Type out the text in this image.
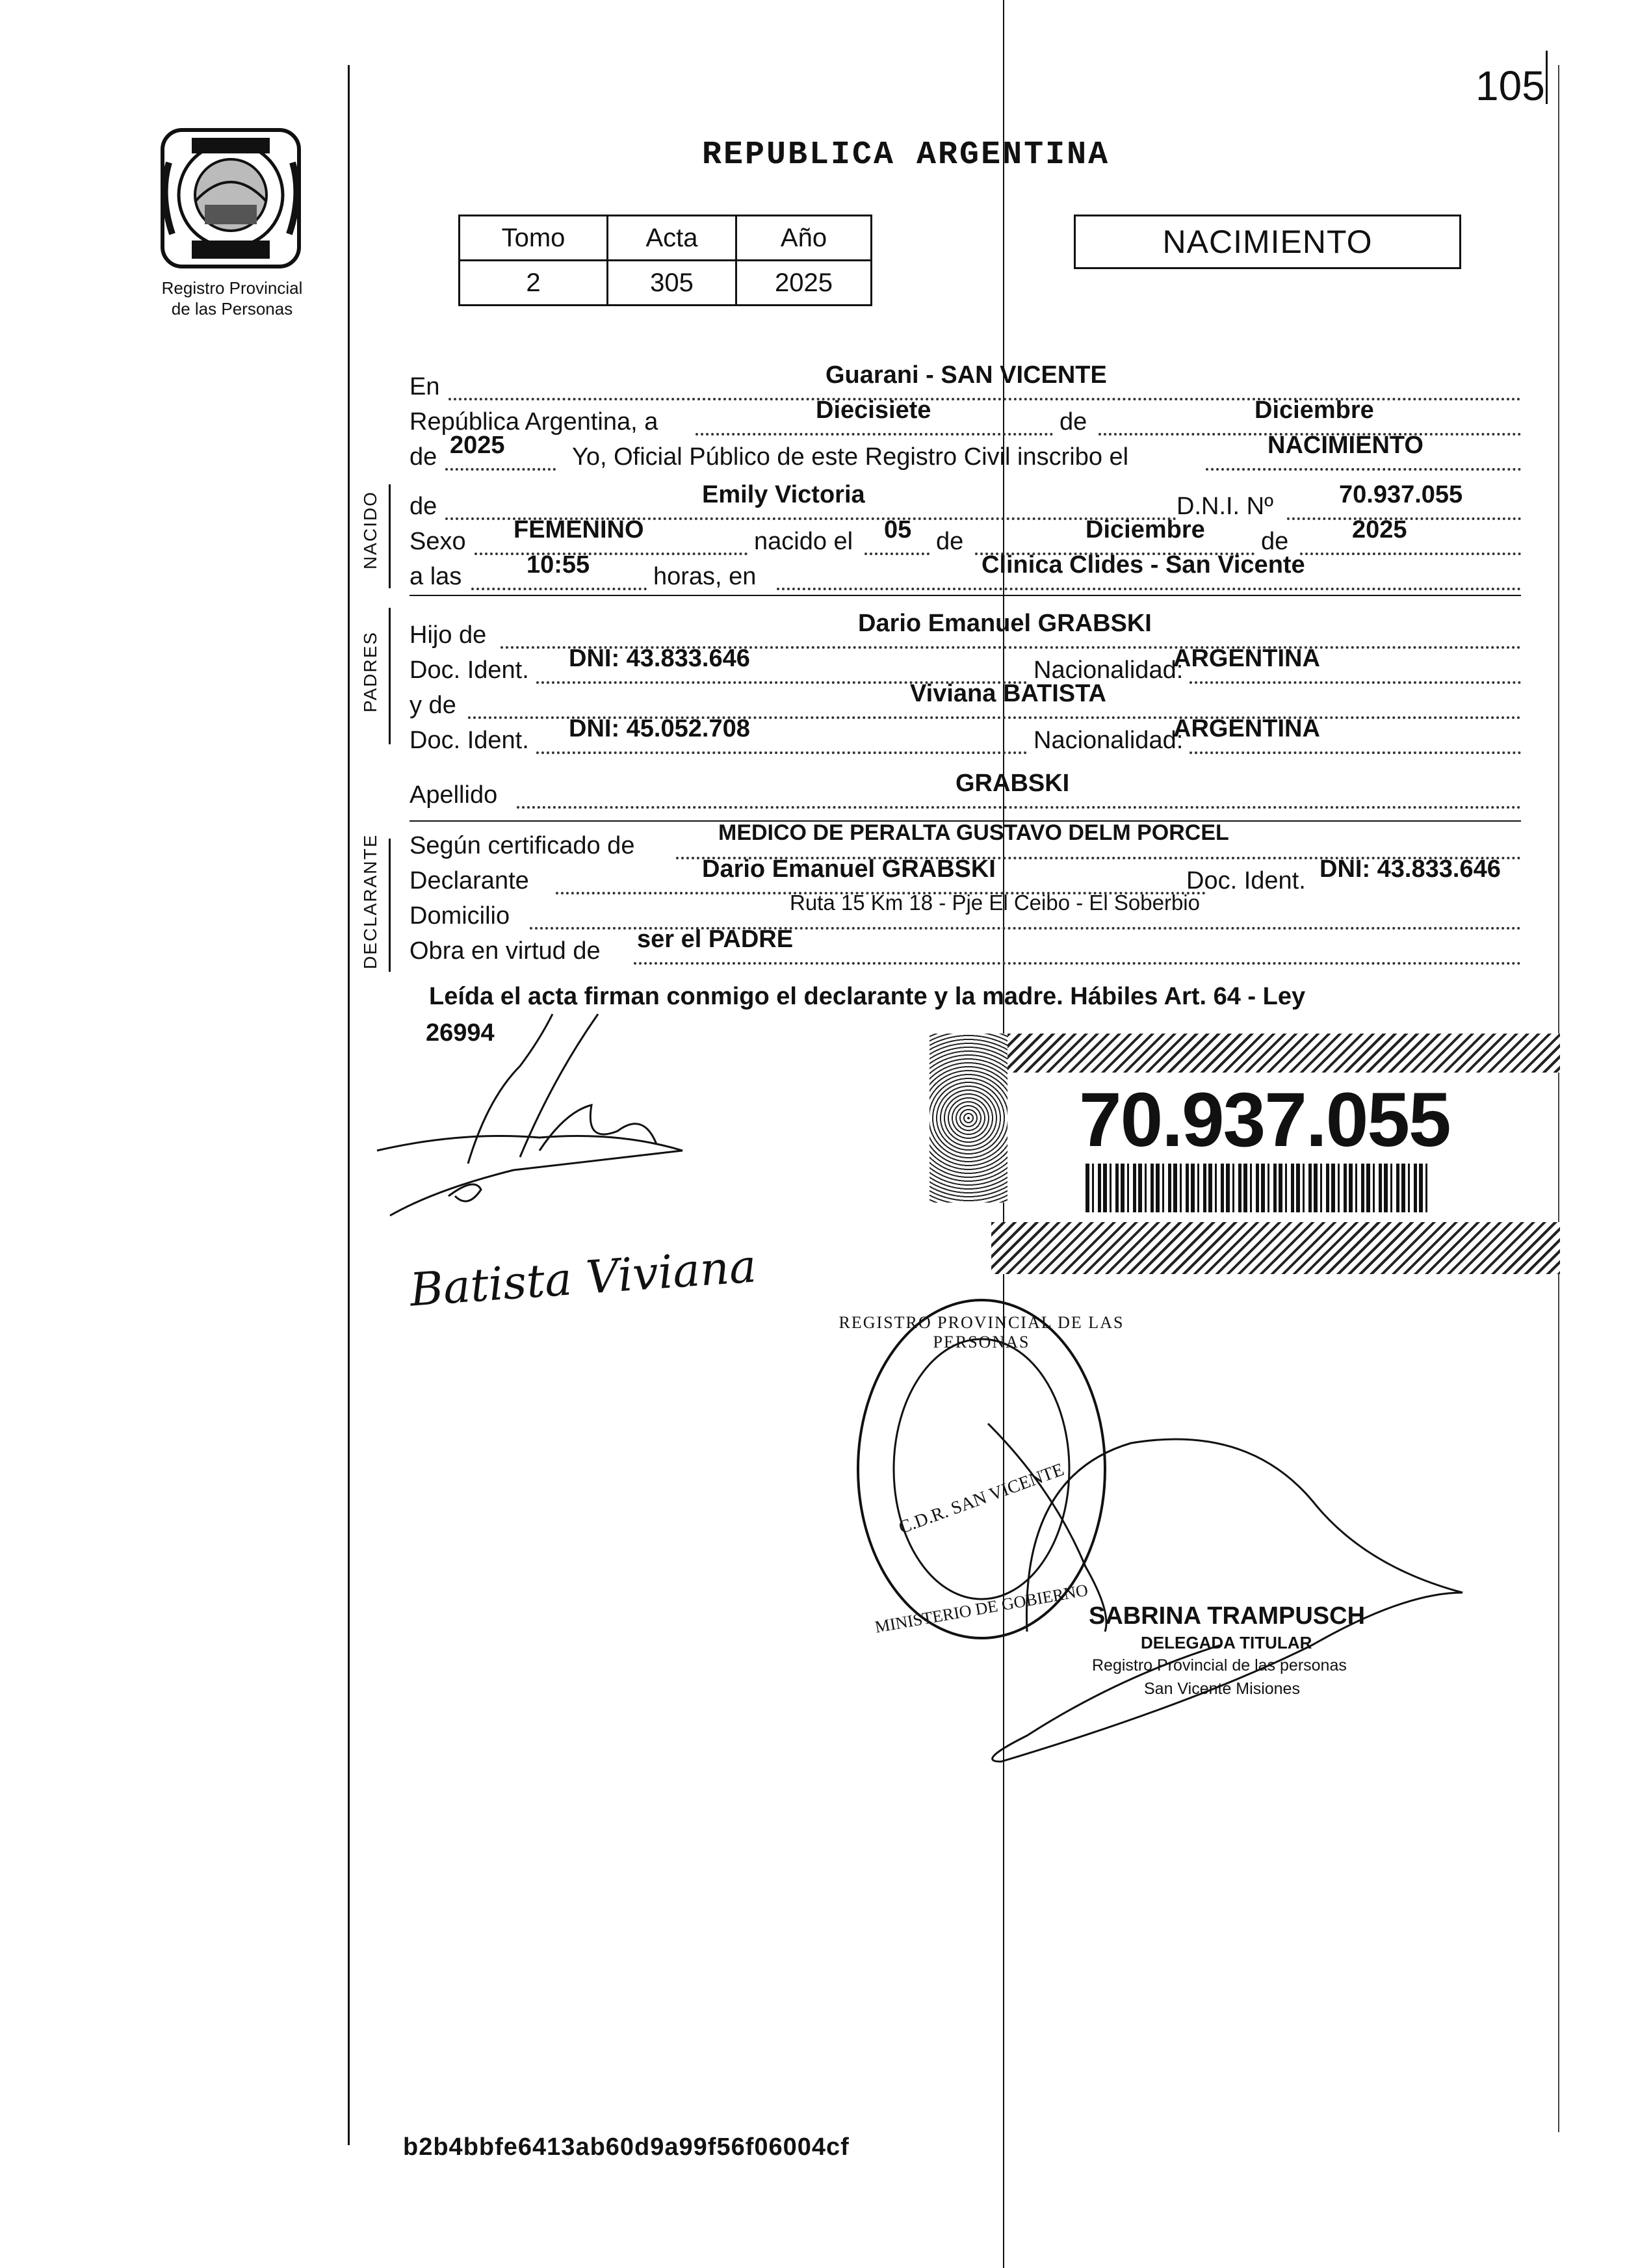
105
Registro Provincial
de las Personas
REPUBLICA ARGENTINA
Tomo	Acta	Año
2	305	2025
NACIMIENTO
En	Guarani - SAN VICENTE
República Argentina, a	Diecisiete	de	Diciembre
de 2025	Yo, Oficial Público de este Registro Civil inscribo el	NACIMIENTO
NACIDO de	Emily Victoria	D.N.I. Nº	70.937.055
Sexo FEMENINO	nacido el 05 de	Diciembre de	2025
a las	10:55	horas, en	Clinica Clides - San Vicente
PADRES Hijo de	Dario Emanuel GRABSKI
Doc. Ident. DNI: 43.833.646	Nacionalidad:
ARGENTINA
y de	Viviana BATISTA
Doc. Ident. DNI: 45.052.708	Nacionalidad:
ARGENTINA
Apellido	GRABSKI
DECLARANTE Según certificado de	MEDICO DE PERALTA GUSTAVO DELM PORCEL
Declarante	Dario Emanuel GRABSKI	Doc. Ident. DNI: 43.833.646
Domicilio	Ruta 15 Km 18 - Pje El Ceibo - El Soberbio
Obra en virtud de ser el PADRE
Leída el acta firman conmigo el declarante y la madre. Hábiles Art. 64 - Ley
26994
Batista Viviana
70.937.055
REGISTRO PROVINCIAL DE LAS PERSONAS
C.D.R. SAN VICENTE
MINISTERIO DE GOBIERNO
SABRINA TRAMPUSCH
DELEGADA TITULAR
Registro Provincial de las personas
San Vicente Misiones
b2b4bbfe6413ab60d9a99f56f06004cf
